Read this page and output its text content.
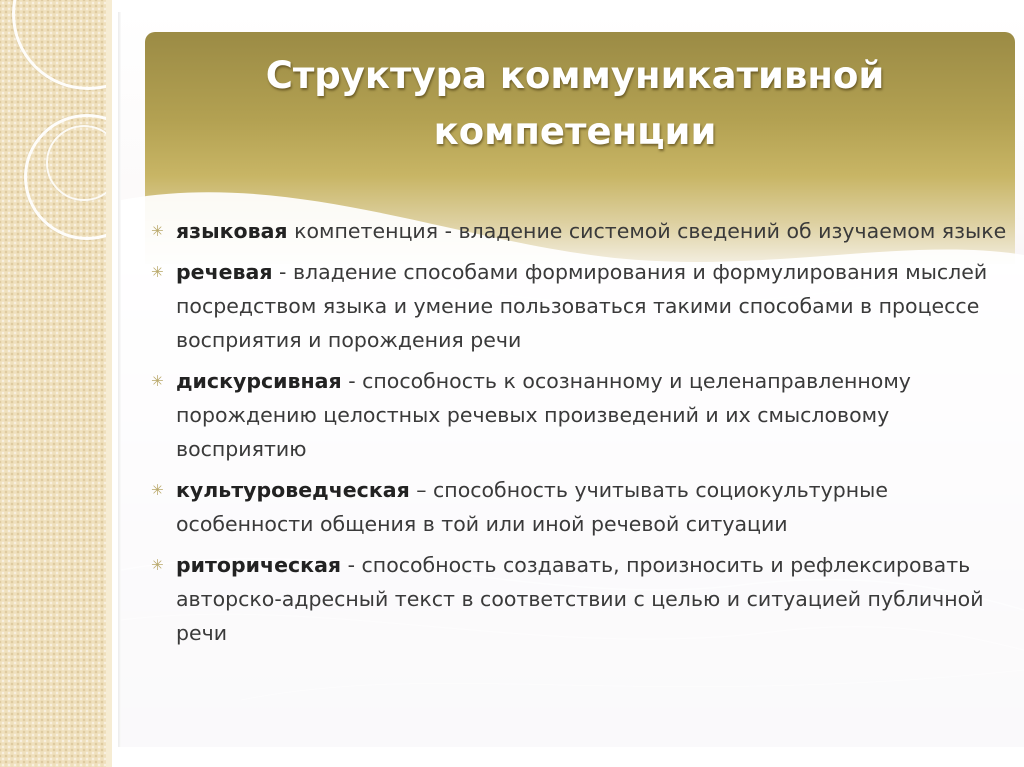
Структура коммуникативной компетенции
✳ языковая компетенция - владение системой сведений об изучаемом языке
✳ речевая - владение способами формирования и формулирования мыслей посредством языка и умение пользоваться такими способами в процессе восприятия и порождения речи
✳ дискурсивная - способность к осознанному и целенаправленному порождению целостных речевых произведений и их смысловому восприятию
✳ культуроведческая – способность учитывать социокультурные особенности общения в той или иной речевой ситуации
✳ риторическая - способность создавать, произносить и рефлексировать авторско-адресный текст в соответствии с целью и ситуацией публичной речи
